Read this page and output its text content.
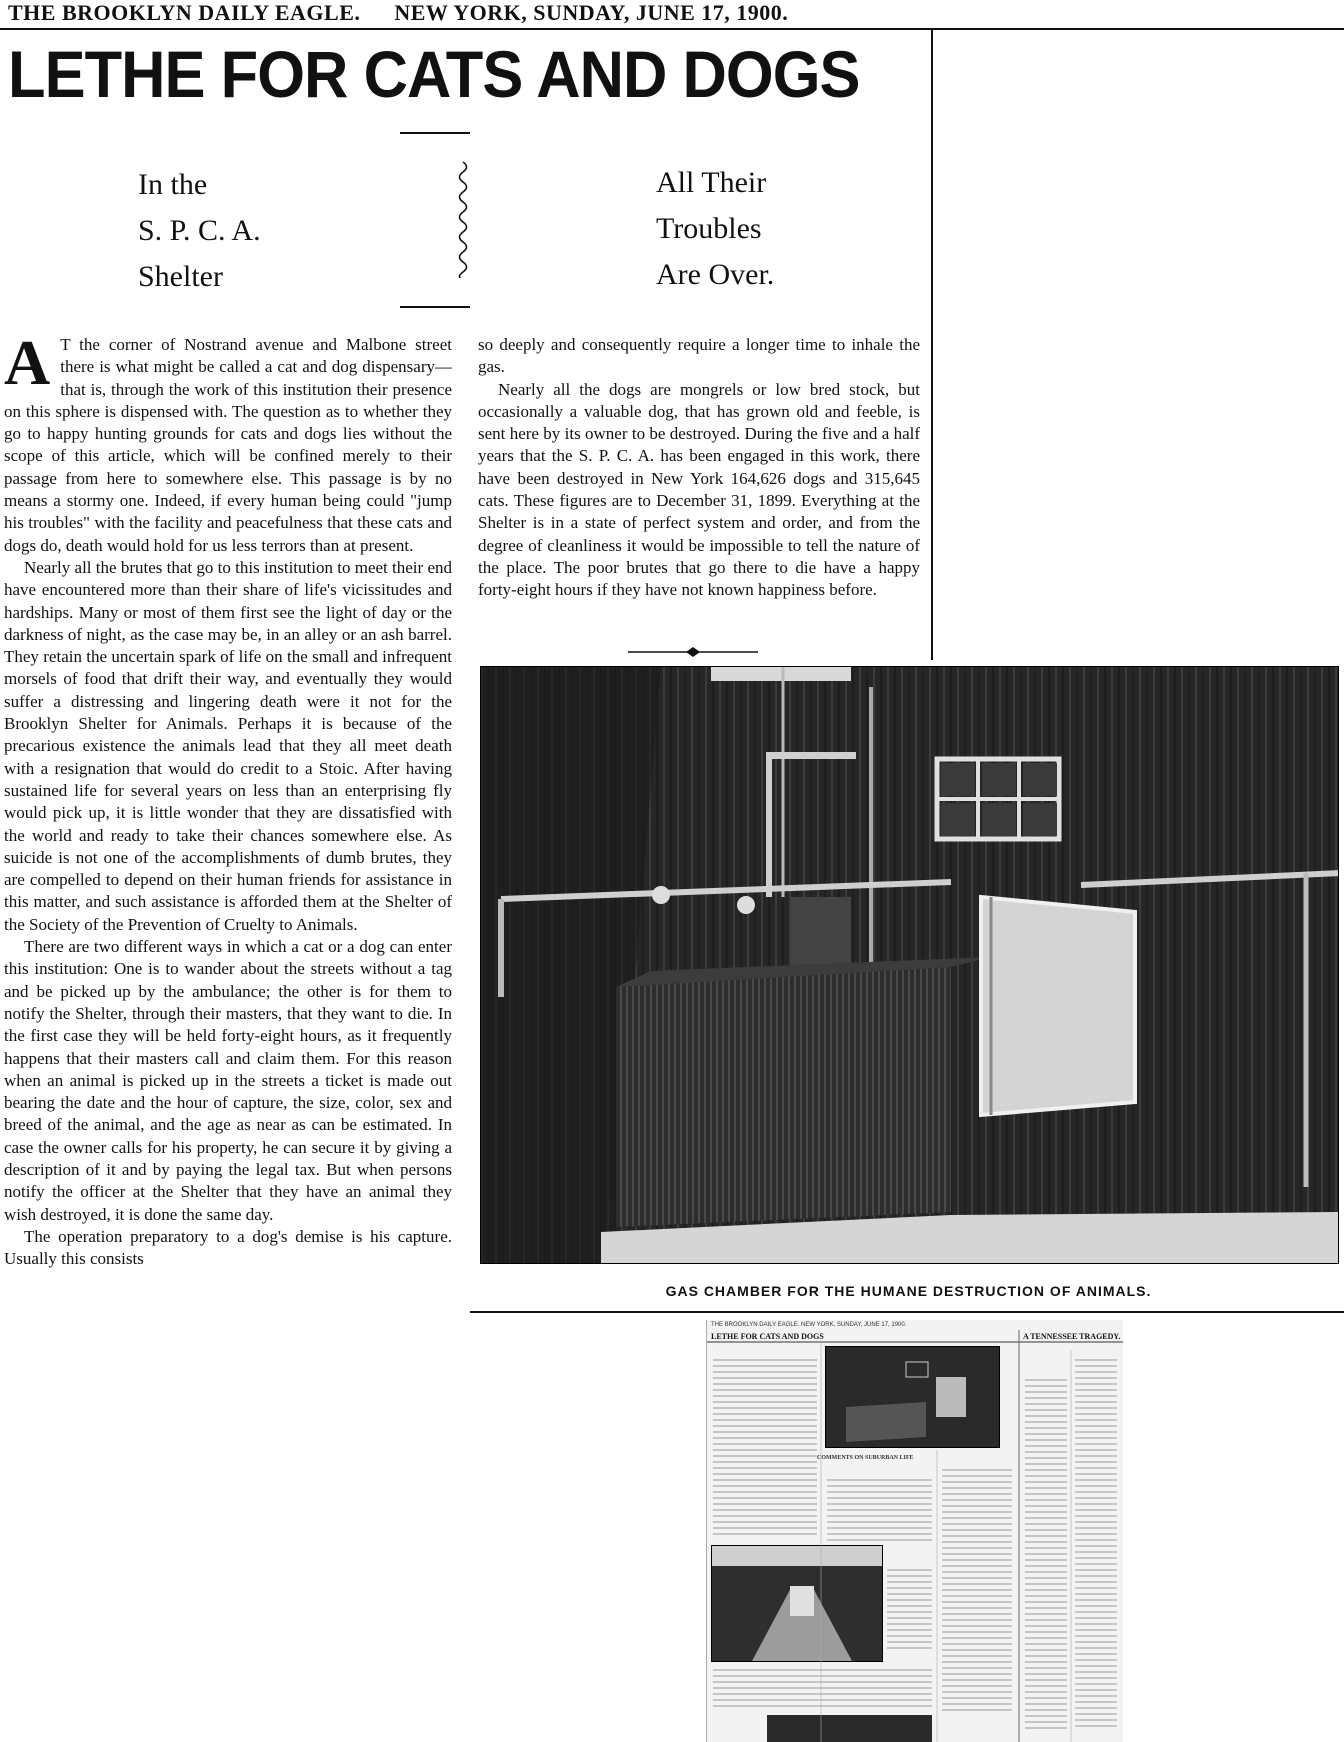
THE BROOKLYN DAILY EAGLE. NEW YORK, SUNDAY, JUNE 17, 1900.
LETHE FOR CATS AND DOGS
In the
S. P. C. A.
Shelter
All Their
Troubles
Are Over.

A T the corner of Nostrand avenue and Malbone street there is what might be called a cat and dog dispensary—that is, through the work of this institution their presence on this sphere is dispensed with. The question as to whether they go to happy hunting grounds for cats and dogs lies without the scope of this article, which will be confined merely to their passage from here to somewhere else. This passage is by no means a stormy one. Indeed, if every human being could "jump his troubles" with the facility and peacefulness that these cats and dogs do, death would hold for us less terrors than at present.

Nearly all the brutes that go to this institution to meet their end have encountered more than their share of life's vicissitudes and hardships. Many or most of them first see the light of day or the darkness of night, as the case may be, in an alley or an ash barrel. They retain the uncertain spark of life on the small and infrequent morsels of food that drift their way, and eventually they would suffer a distressing and lingering death were it not for the Brooklyn Shelter for Animals. Perhaps it is because of the precarious existence the animals lead that they all meet death with a resignation that would do credit to a Stoic. After having sustained life for several years on less than an enterprising fly would pick up, it is little wonder that they are dissatisfied with the world and ready to take their chances somewhere else. As suicide is not one of the accomplishments of dumb brutes, they are compelled to depend on their human friends for assistance in this matter, and such assistance is afforded them at the Shelter of the Society of the Prevention of Cruelty to Animals.

There are two different ways in which a cat or a dog can enter this institution: One is to wander about the streets without a tag and be picked up by the ambulance; the other is for them to notify the Shelter, through their masters, that they want to die. In the first case they will be held forty-eight hours, as it frequently happens that their masters call and claim them. For this reason when an animal is picked up in the streets a ticket is made out bearing the date and the hour of capture, the size, color, sex and breed of the animal, and the age as near as can be estimated. In case the owner calls for his property, he can secure it by giving a description of it and by paying the legal tax. But when persons notify the officer at the Shelter that they have an animal they wish destroyed, it is done the same day.

The operation preparatory to a dog's demise is his capture. Usually this consists

so deeply and consequently require a longer time to inhale the gas.

Nearly all the dogs are mongrels or low bred stock, but occasionally a valuable dog, that has grown old and feeble, is sent here by its owner to be destroyed. During the five and a half years that the S. P. C. A. has been engaged in this work, there have been destroyed in New York 164,626 dogs and 315,645 cats. These figures are to December 31, 1899. Everything at the Shelter is in a state of perfect system and order, and from the degree of cleanliness it would be impossible to tell the nature of the place. The poor brutes that go there to die have a happy forty-eight hours if they have not known happiness before.

GAS CHAMBER FOR THE HUMANE DESTRUCTION OF ANIMALS.
THE BROOKLYN DAILY EAGLE. NEW YORK, SUNDAY, JUNE 17, 1900.
LETHE FOR CATS AND DOGS	A TENNESSEE TRAGEDY.
COMMENTS ON SUBURBAN LIFE
